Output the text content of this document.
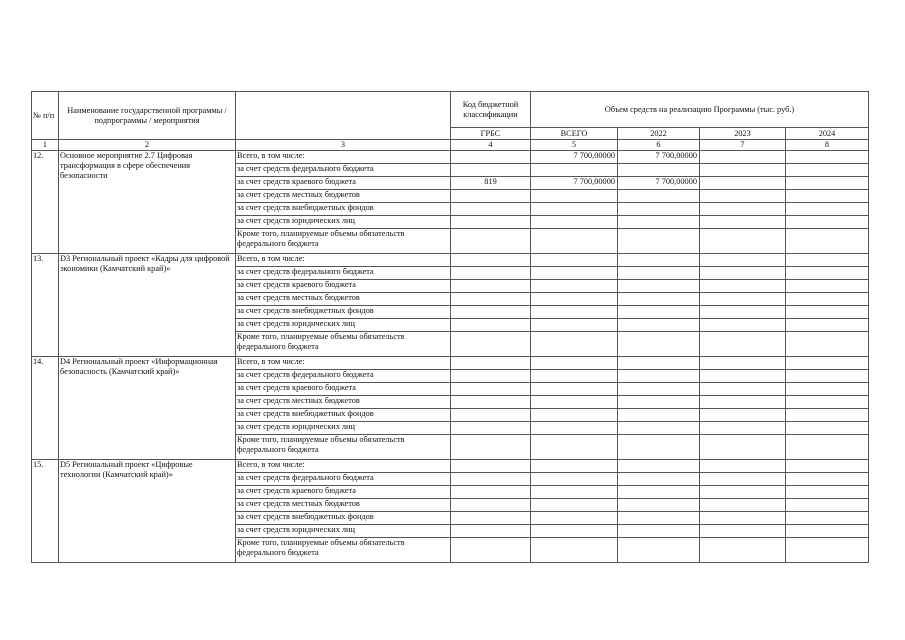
№ п/п	Наименование государственной программы / подпрограммы / мероприятия		Код бюджетной классификации	Объем средств на реализацию Программы (тыс. руб.)			
			ГРБС	ВСЕГО	2022	2023	2024
1	2	3	4	5	6	7	8
12.	Основное мероприятие 2.7 Цифровая трансформация в сфере обеспечения безопасности	Всего, в том числе:		7 700,00000	7 700,00000		
		за счет средств федерального бюджета					
		за счет средств краевого бюджета	819	7 700,00000	7 700,00000		
		за счет средств местных бюджетов					
		за счет средств внебюджетных фондов					
		за счет средств юридических лиц					
		Кроме того, планируемые объемы обязательств федерального бюджета					
13.	D3 Региональный проект «Кадры для цифровой экономики (Камчатский край)»	Всего, в том числе:					
		за счет средств федерального бюджета					
		за счет средств краевого бюджета					
		за счет средств местных бюджетов					
		за счет средств внебюджетных фондов					
		за счет средств юридических лиц					
		Кроме того, планируемые объемы обязательств федерального бюджета					
14.	D4 Региональный проект «Информационная безопасность (Камчатский край)»	Всего, в том числе:					
		за счет средств федерального бюджета					
		за счет средств краевого бюджета					
		за счет средств местных бюджетов					
		за счет средств внебюджетных фондов					
		за счет средств юридических лиц					
		Кроме того, планируемые объемы обязательств федерального бюджета					
15.	D5 Региональный проект «Цифровые технологии (Камчатский край)»	Всего, в том числе:					
		за счет средств федерального бюджета					
		за счет средств краевого бюджета					
		за счет средств местных бюджетов					
		за счет средств внебюджетных фондов					
		за счет средств юридических лиц					
		Кроме того, планируемые объемы обязательств федерального бюджета					
